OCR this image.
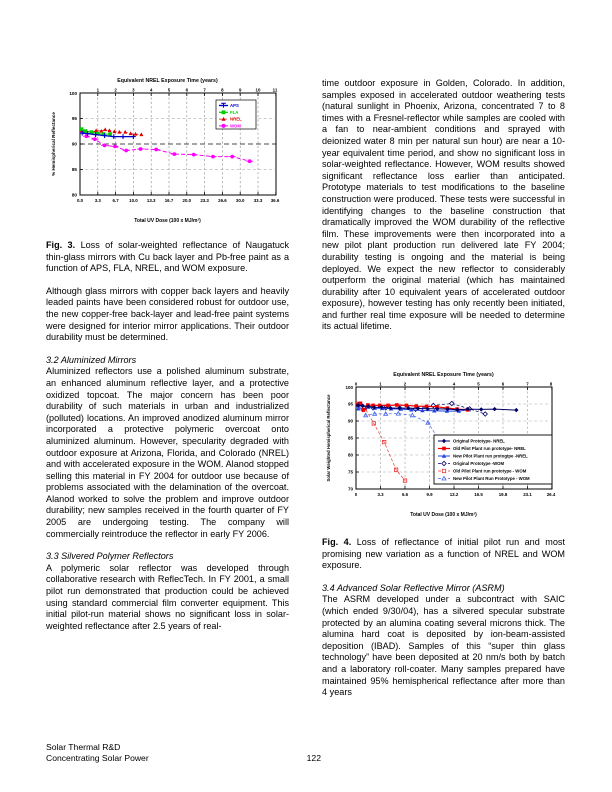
Equivalent NREL Exposure Time (years)
100
95
90
85
80
1	2	3	4	5	6	7	8	9	10	11
0.0	3.3	6.7 10.0 13.3 16.7 20.0 23.3 26.6 30.0 33.3 36.6
% Hemispherical Reflectance
APS
FLA
NREL
WOM
Total UV Dose (100 x MJ/m²)
Equivalent NREL Exposure Time (years)
100
95
90
85
80
75
70
0	1	2	3	4	5	6	7	8
0	3.3	6.6	9.9	13.2	16.5	19.8	23.1	26.4
Solar Weighted Hemispherical Reflectance	Original Prototype- NREL
Old Pilot Plant run prototype- NREL
New Pilot Plant run protogtpe -NREL
Original Prototype -WOM
Old Pilot Plant run prototype - WOM
New Pilot Plant Run Prototype - WOM
Total UV Dose (100 x MJ/m²)

Fig. 3. Loss of solar-weighted reflectance of Naugatuck thin-glass mirrors with Cu back layer and Pb-free paint as a function of APS, FLA, NREL, and WOM exposure.

Although glass mirrors with copper back layers and heavily leaded paints have been considered robust for outdoor use, the new copper-free back-layer and lead-free paint systems were designed for interior mirror applications. Their outdoor durability must be determined.

3.2 Aluminized Mirrors

Aluminized reflectors use a polished aluminum substrate, an enhanced aluminum reflective layer, and a protective oxidized topcoat. The major concern has been poor durability of such materials in urban and industrialized (polluted) locations. An improved anodized aluminum mirror incorporated a protective polymeric overcoat onto aluminized aluminum. However, specularity degraded with outdoor exposure at Arizona, Florida, and Colorado (NREL) and with accelerated exposure in the WOM. Alanod stopped selling this material in FY 2004 for outdoor use because of problems associated with the delamination of the overcoat. Alanod worked to solve the problem and improve outdoor durability; new samples received in the fourth quarter of FY 2005 are undergoing testing. The company will commercially reintroduce the reflector in early FY 2006.

3.3 Silvered Polymer Reflectors

A polymeric solar reflector was developed through collaborative research with ReflecTech. In FY 2001, a small pilot run demonstrated that production could be achieved using standard commercial film converter equipment. This initial pilot-run material shows no significant loss in solar-weighted reflectance after 2.5 years of real-

time outdoor exposure in Golden, Colorado. In addition, samples exposed in accelerated outdoor weathering tests (natural sunlight in Phoenix, Arizona, concentrated 7 to 8 times with a Fresnel-reflector while samples are cooled with a fan to near-ambient conditions and sprayed with deionized water 8 min per natural sun hour) are near a 10-year equivalent time period, and show no significant loss in solar-weighted reflectance. However, WOM results showed significant reflectance loss earlier than anticipated. Prototype materials to test modifications to the baseline construction were produced. These tests were successful in identifying changes to the baseline construction that dramatically improved the WOM durability of the reflective film. These improvements were then incorporated into a new pilot plant production run delivered late FY 2004; durability testing is ongoing and the material is being deployed. We expect the new reflector to considerably outperform the original material (which has maintained durability after 10 equivalent years of accelerated outdoor exposure), however testing has only recently been initiated, and further real time exposure will be needed to determine its actual lifetime.

Fig. 4. Loss of reflectance of initial pilot run and most promising new variation as a function of NREL and WOM exposure.

3.4 Advanced Solar Reflective Mirror (ASRM)

The ASRM developed under a subcontract with SAIC (which ended 9/30/04), has a silvered specular substrate protected by an alumina coating several microns thick. The alumina hard coat is deposited by ion-beam-assisted deposition (IBAD). Samples of this “super thin glass technology” have been deposited at 20 nm/s both by batch and a laboratory roll-coater. Many samples prepared have maintained 95% hemispherical reflectance after more than 4 years

Solar Thermal R&D
Concentrating Solar Power	122
